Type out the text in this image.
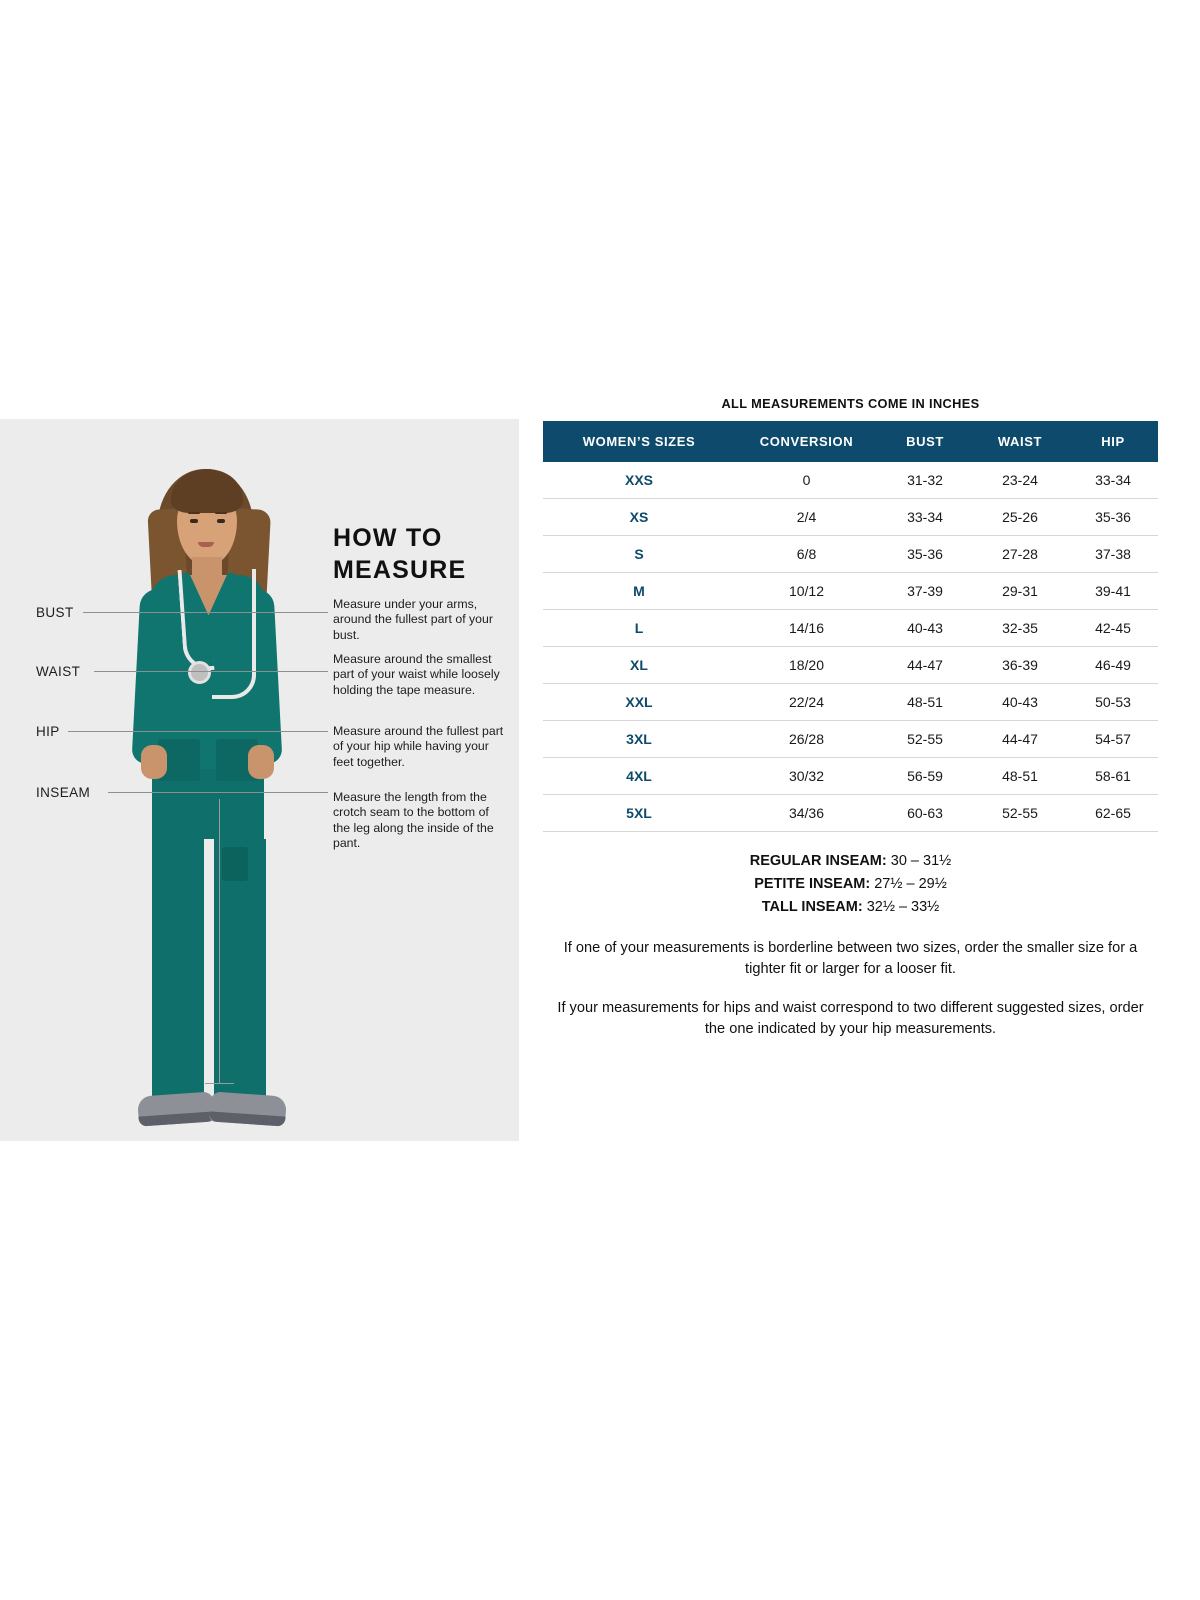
BUST
WAIST
HIP
INSEAM
HOW TO MEASURE
Measure under your arms, around the fullest part of your bust.
Measure around the smallest part of your waist while loosely holding the tape measure.
Measure around the fullest part of your hip while having your feet together.
Measure the length from the crotch seam to the bottom of the leg along the inside of the pant.
ALL MEASUREMENTS COME IN INCHES
WOMEN’S SIZES	CONVERSION	BUST	WAIST	HIP
XXS	0	31-32	23-24	33-34
XS	2/4	33-34	25-26	35-36
S	6/8	35-36	27-28	37-38
M	10/12	37-39	29-31	39-41
L	14/16	40-43	32-35	42-45
XL	18/20	44-47	36-39	46-49
XXL	22/24	48-51	40-43	50-53
3XL	26/28	52-55	44-47	54-57
4XL	30/32	56-59	48-51	58-61
5XL	34/36	60-63	52-55	62-65
REGULAR INSEAM: 30 – 31½
PETITE INSEAM: 27½ – 29½
TALL INSEAM: 32½ – 33½
If one of your measurements is borderline between two sizes, order the smaller size for a tighter fit or larger for a looser fit.
If your measurements for hips and waist correspond to two different suggested sizes, order the one indicated by your hip measurements.
